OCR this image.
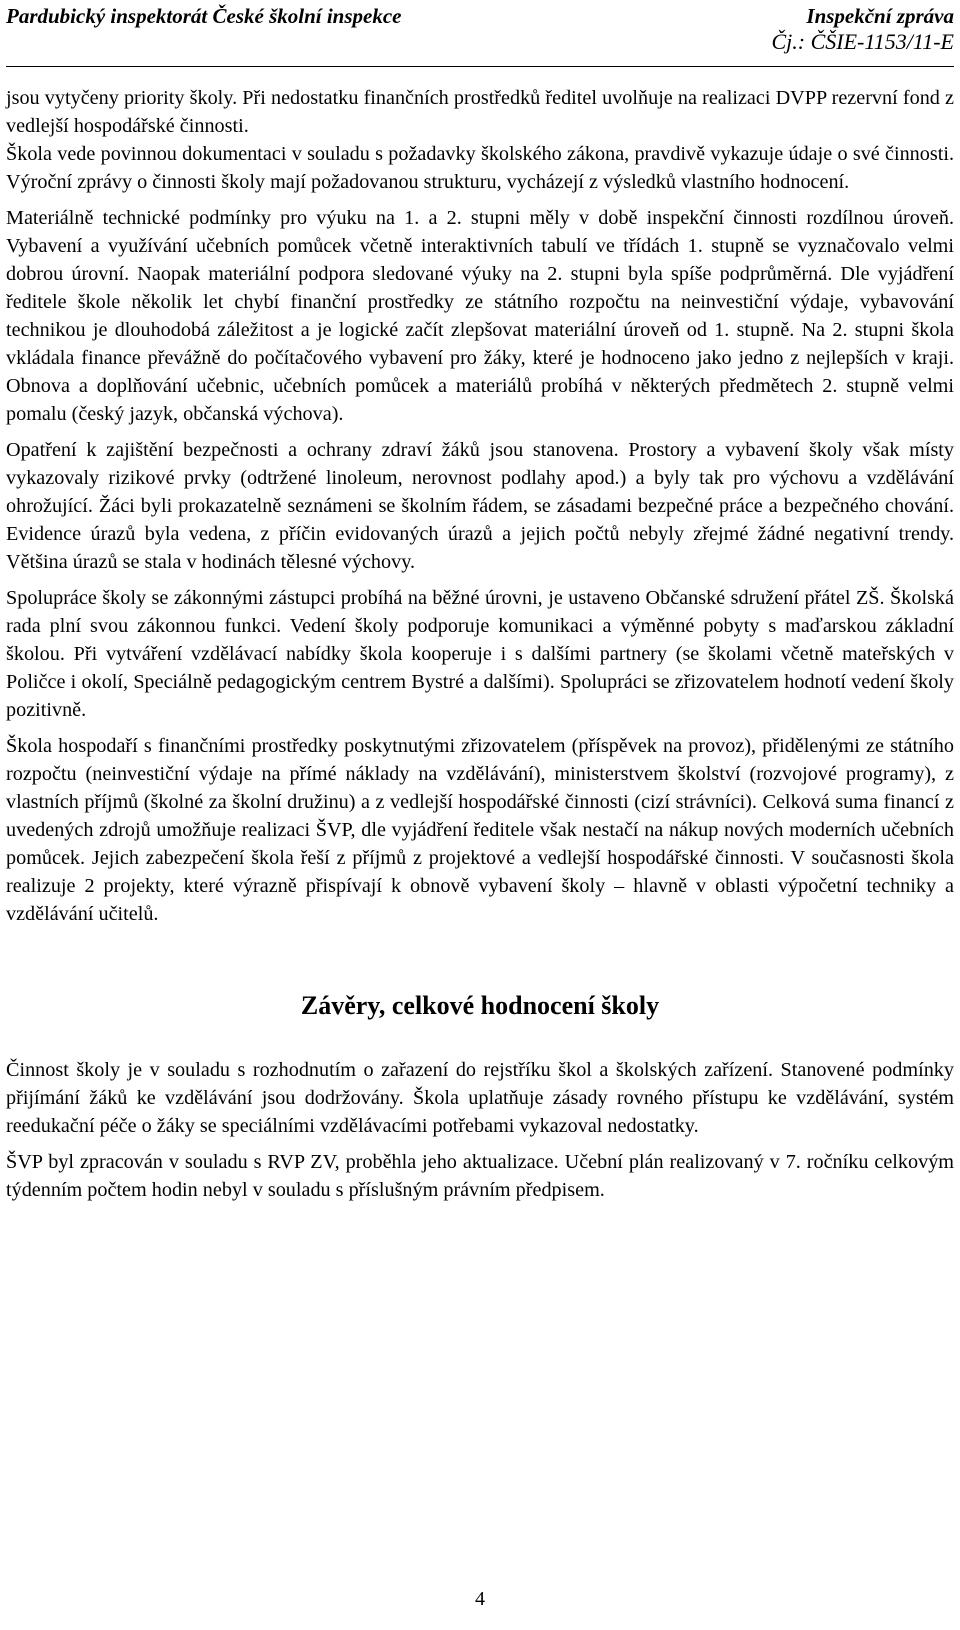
Pardubický inspektorát České školní inspekce	Inspekční zpráva
Čj.: ČŠIE-1153/11-E

jsou vytyčeny priority školy. Při nedostatku finančních prostředků ředitel uvolňuje na realizaci DVPP rezervní fond z vedlejší hospodářské činnosti.

Škola vede povinnou dokumentaci v souladu s požadavky školského zákona, pravdivě vykazuje údaje o své činnosti. Výroční zprávy o činnosti školy mají požadovanou strukturu, vycházejí z výsledků vlastního hodnocení.

Materiálně technické podmínky pro výuku na 1. a 2. stupni měly v době inspekční činnosti rozdílnou úroveň. Vybavení a využívání učebních pomůcek včetně interaktivních tabulí ve třídách 1. stupně se vyznačovalo velmi dobrou úrovní. Naopak materiální podpora sledované výuky na 2. stupni byla spíše podprůměrná. Dle vyjádření ředitele školе několik let chybí finanční prostředky ze státního rozpočtu na neinvestiční výdaje, vybavování technikou je dlouhodobá záležitost a je logické začít zlepšovat materiální úroveň od 1. stupně. Na 2. stupni škola vkládala finance převážně do počítačového vybavení pro žáky, které je hodnoceno jako jedno z nejlepších v kraji. Obnova a doplňování učebnic, učebních pomůcek a materiálů probíhá v některých předmětech 2. stupně velmi pomalu (český jazyk, občanská výchova).

Opatření k zajištění bezpečnosti a ochrany zdraví žáků jsou stanovena. Prostory a vybavení školy však místy vykazovaly rizikové prvky (odtržené linoleum, nerovnost podlahy apod.) a byly tak pro výchovu a vzdělávání ohrožující. Žáci byli prokazatelně seznámeni se školním řádem, se zásadami bezpečné práce a bezpečného chování. Evidence úrazů byla vedena, z příčin evidovaných úrazů a jejich počtů nebyly zřejmé žádné negativní trendy. Většina úrazů se stala v hodinách tělesné výchovy.

Spolupráce školy se zákonnými zástupci probíhá na běžné úrovni, je ustaveno Občanské sdružení přátel ZŠ. Školská rada plní svou zákonnou funkci. Vedení školy podporuje komunikaci a výměnné pobyty s maďarskou základní školou. Při vytváření vzdělávací nabídky škola kooperuje i s dalšími partnery (se školami včetně mateřských v Poličce i okolí, Speciálně pedagogickým centrem Bystré a dalšími). Spolupráci se zřizovatelem hodnotí vedení školy pozitivně.

Škola hospodaří s finančními prostředky poskytnutými zřizovatelem (příspěvek na provoz), přidělenými ze státního rozpočtu (neinvestiční výdaje na přímé náklady na vzdělávání), ministerstvem školství (rozvojové programy), z vlastních příjmů (školné za školní družinu) a z vedlejší hospodářské činnosti (cizí strávníci). Celková suma financí z uvedených zdrojů umožňuje realizaci ŠVP, dle vyjádření ředitele však nestačí na nákup nových moderních učebních pomůcek. Jejich zabezpečení škola řeší z příjmů z projektové a vedlejší hospodářské činnosti. V současnosti škola realizuje 2 projekty, které výrazně přispívají k obnově vybavení školy – hlavně v oblasti výpočetní techniky a vzdělávání učitelů.

Závěry, celkové hodnocení školy

Činnost školy je v souladu s rozhodnutím o zařazení do rejstříku škol a školských zařízení. Stanovené podmínky přijímání žáků ke vzdělávání jsou dodržovány. Škola uplatňuje zásady rovného přístupu ke vzdělávání, systém reedukační péče o žáky se speciálními vzdělávacími potřebami vykazoval nedostatky.

ŠVP byl zpracován v souladu s RVP ZV, proběhla jeho aktualizace. Učební plán realizovaný v 7. ročníku celkovým týdenním počtem hodin nebyl v souladu s příslušným právním předpisem.

4
